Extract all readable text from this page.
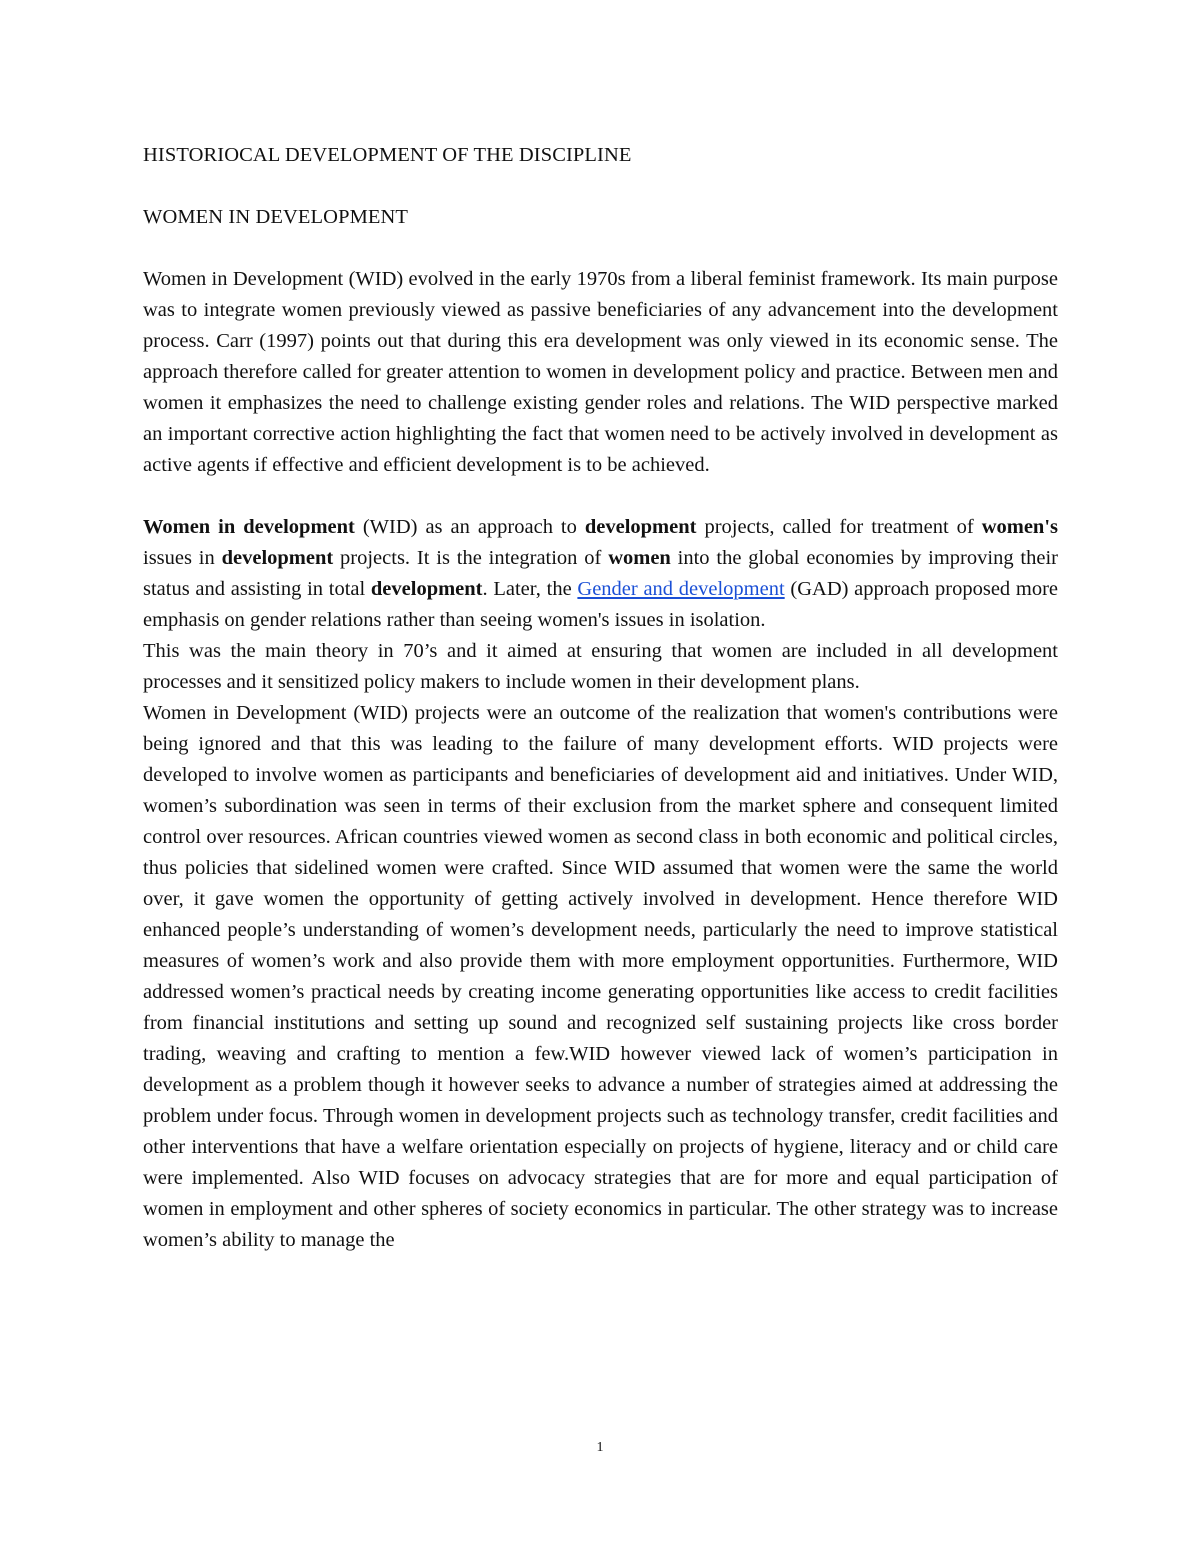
HISTORIOCAL DEVELOPMENT OF THE DISCIPLINE
WOMEN IN DEVELOPMENT

Women in Development (WID) evolved in the early 1970s from a liberal feminist framework. Its main purpose was to integrate women previously viewed as passive beneficiaries of any advancement into the development process. Carr (1997) points out that during this era development was only viewed in its economic sense. The approach therefore called for greater attention to women in development policy and practice. Between men and women it emphasizes the need to challenge existing gender roles and relations. The WID perspective marked an important corrective action highlighting the fact that women need to be actively involved in development as active agents if effective and efficient development is to be achieved.

Women in development (WID) as an approach to development projects, called for treatment of women's issues in development projects. It is the integration of women into the global economies by improving their status and assisting in total development. Later, the Gender and development (GAD) approach proposed more emphasis on gender relations rather than seeing women's issues in isolation.

This was the main theory in 70’s and it aimed at ensuring that women are included in all development processes and it sensitized policy makers to include women in their development plans.

Women in Development (WID) projects were an outcome of the realization that women's contributions were being ignored and that this was leading to the failure of many development efforts. WID projects were developed to involve women as participants and beneficiaries of development aid and initiatives. Under WID, women’s subordination was seen in terms of their exclusion from the market sphere and consequent limited control over resources. African countries viewed women as second class in both economic and political circles, thus policies that sidelined women were crafted. Since WID assumed that women were the same the world over, it gave women the opportunity of getting actively involved in development. Hence therefore WID enhanced people’s understanding of women’s development needs, particularly the need to improve statistical measures of women’s work and also provide them with more employment opportunities. Furthermore, WID addressed women’s practical needs by creating income generating opportunities like access to credit facilities from financial institutions and setting up sound and recognized self sustaining projects like cross border trading, weaving and crafting to mention a few.WID however viewed lack of women’s participation in development as a problem though it however seeks to advance a number of strategies aimed at addressing the problem under focus. Through women in development projects such as technology transfer, credit facilities and other interventions that have a welfare orientation especially on projects of hygiene, literacy and or child care were implemented. Also WID focuses on advocacy strategies that are for more and equal participation of women in employment and other spheres of society economics in particular. The other strategy was to increase women’s ability to manage the

1
